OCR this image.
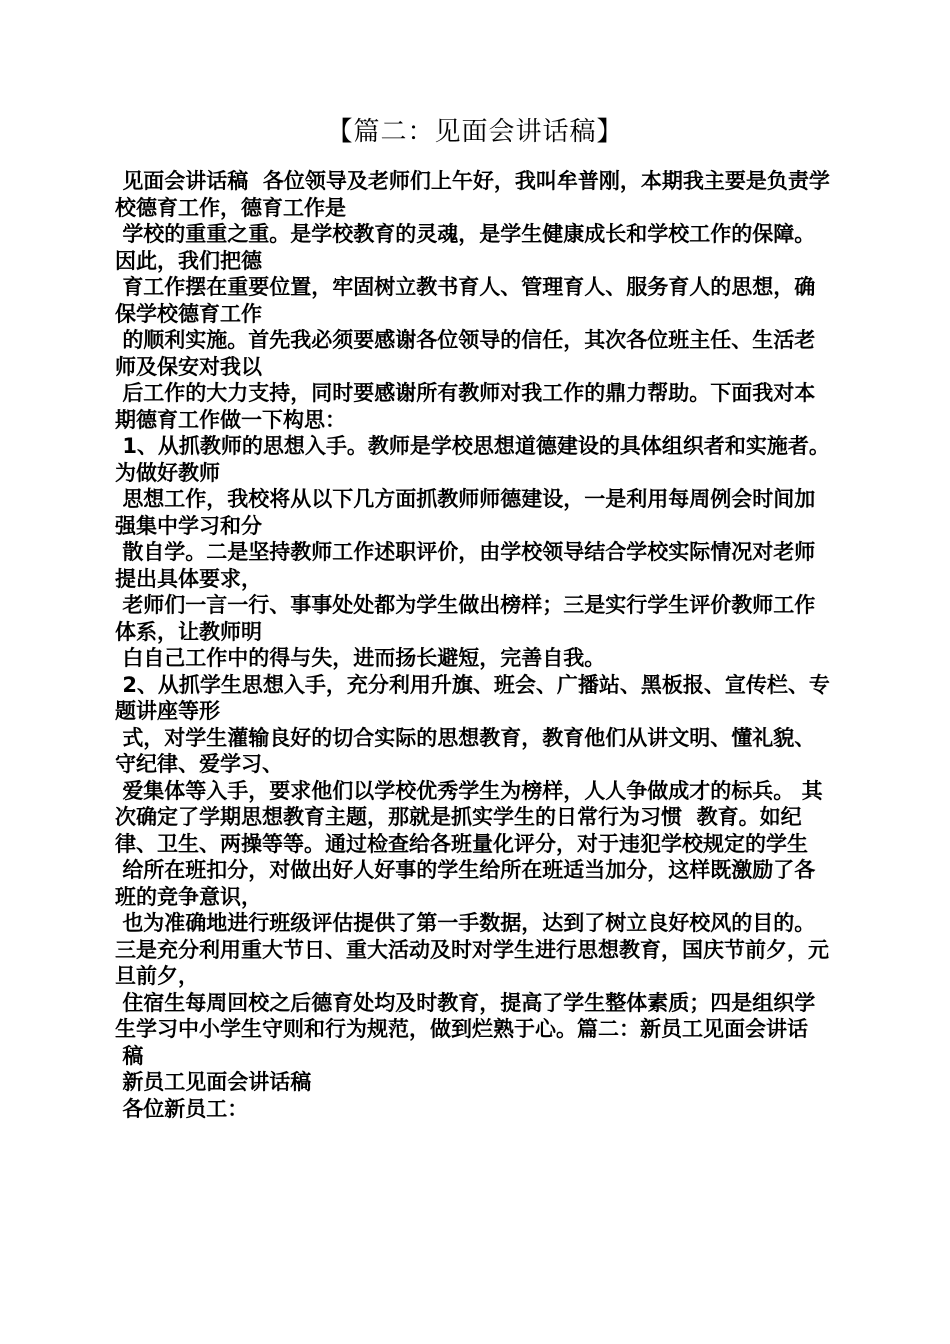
【篇二：见面会讲话稿】

见面会讲话稿  各位领导及老师们上午好，我叫牟普刚，本期我主要是负责学校德育工作，德育工作是

学校的重重之重。是学校教育的灵魂，是学生健康成长和学校工作的保障。因此，我们把德

育工作摆在重要位置，牢固树立教书育人、管理育人、服务育人的思想，确保学校德育工作

的顺利实施。首先我必须要感谢各位领导的信任，其次各位班主任、生活老师及保安对我以

后工作的大力支持，同时要感谢所有教师对我工作的鼎力帮助。下面我对本期德育工作做一下构思：

1、从抓教师的思想入手。教师是学校思想道德建设的具体组织者和实施者。为做好教师

思想工作，我校将从以下几方面抓教师师德建设，一是利用每周例会时间加强集中学习和分

散自学。二是坚持教师工作述职评价，由学校领导结合学校实际情况对老师提出具体要求，

老师们一言一行、事事处处都为学生做出榜样；三是实行学生评价教师工作体系，让教师明

白自己工作中的得与失，进而扬长避短，完善自我。

2、从抓学生思想入手，充分利用升旗、班会、广播站、黑板报、宣传栏、专题讲座等形

式，对学生灌输良好的切合实际的思想教育，教育他们从讲文明、懂礼貌、守纪律、爱学习、

爱集体等入手，要求他们以学校优秀学生为榜样，人人争做成才的标兵。 其次确定了学期思想教育主题，那就是抓实学生的日常行为习惯  教育。如纪律、卫生、两操等等。通过检查给各班量化评分，对于违犯学校规定的学生

给所在班扣分，对做出好人好事的学生给所在班适当加分，这样既激励了各班的竞争意识，

也为准确地进行班级评估提供了第一手数据，达到了树立良好校风的目的。  三是充分利用重大节日、重大活动及时对学生进行思想教育，国庆节前夕，元旦前夕，

住宿生每周回校之后德育处均及时教育，提高了学生整体素质；四是组织学生学习中小学生守则和行为规范，做到烂熟于心。篇二：新员工见面会讲话

稿

新员工见面会讲话稿

各位新员工：
